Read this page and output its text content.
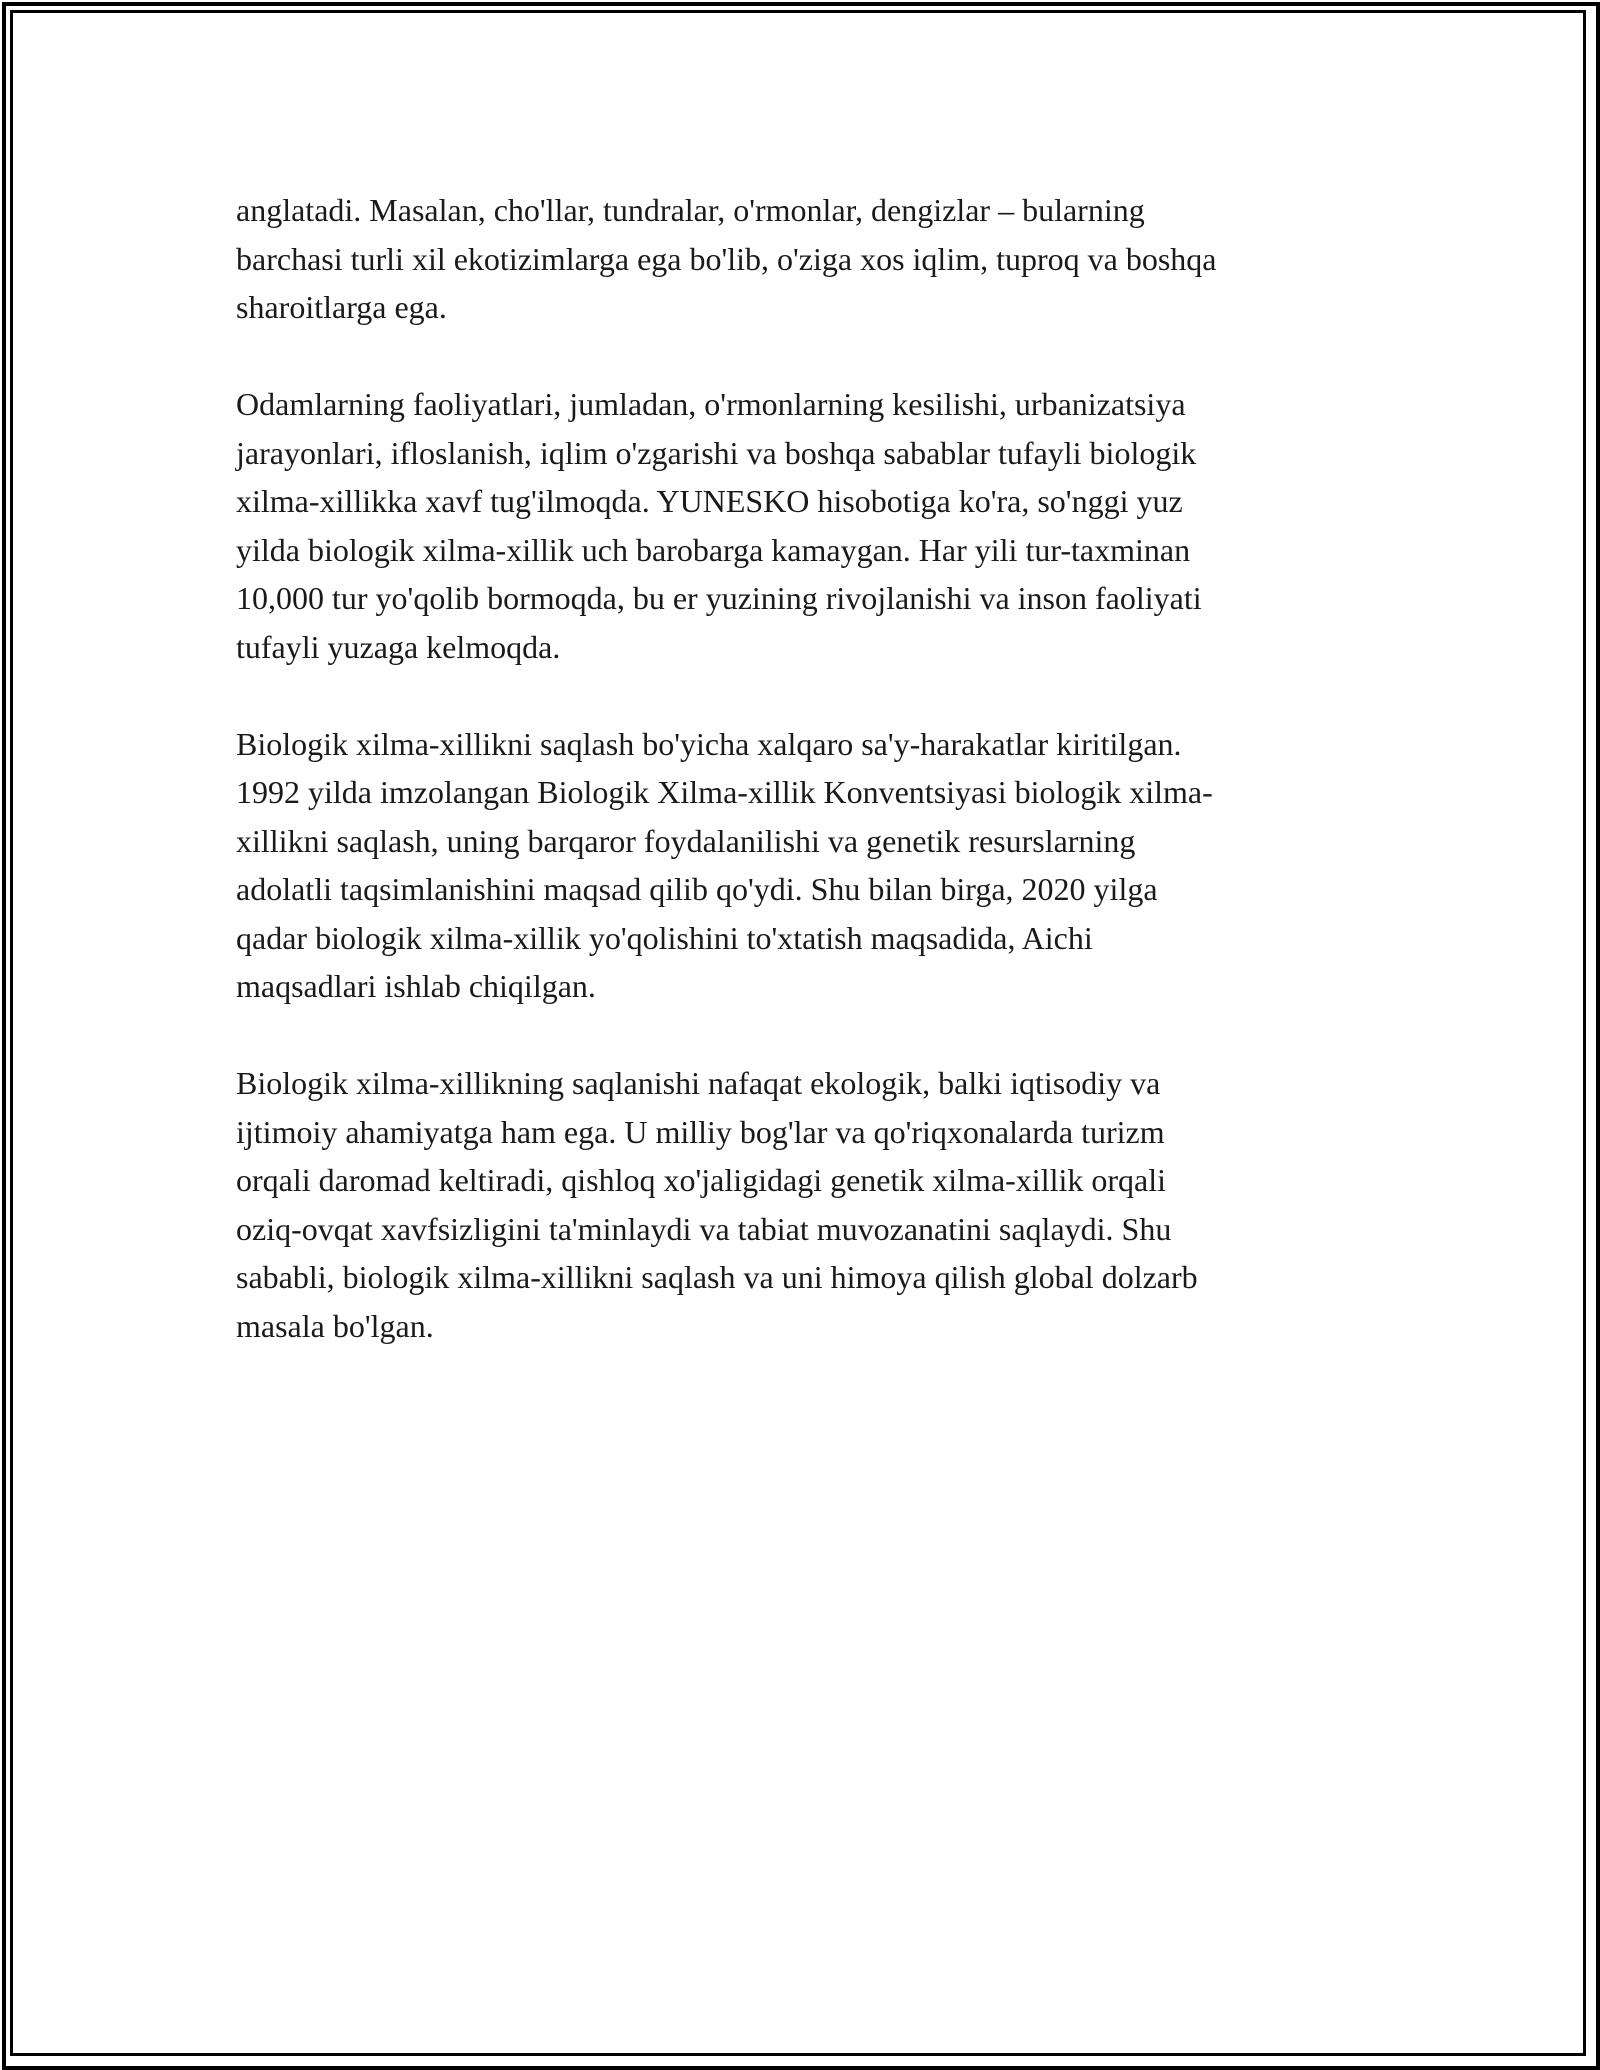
anglatadi. Masalan, cho'llar, tundralar, o'rmonlar, dengizlar – bularning
barchasi turli xil ekotizimlarga ega bo'lib, o'ziga xos iqlim, tuproq va boshqa
sharoitlarga ega.

Odamlarning faoliyatlari, jumladan, o'rmonlarning kesilishi, urbanizatsiya
jarayonlari, ifloslanish, iqlim o'zgarishi va boshqa sabablar tufayli biologik
xilma-xillikka xavf tug'ilmoqda. YUNESKO hisobotiga ko'ra, so'nggi yuz
yilda biologik xilma-xillik uch barobarga kamaygan. Har yili tur-taxminan
10,000 tur yo'qolib bormoqda, bu er yuzining rivojlanishi va inson faoliyati
tufayli yuzaga kelmoqda.

Biologik xilma-xillikni saqlash bo'yicha xalqaro sa'y-harakatlar kiritilgan.
1992 yilda imzolangan Biologik Xilma-xillik Konventsiyasi biologik xilma-
xillikni saqlash, uning barqaror foydalanilishi va genetik resurslarning
adolatli taqsimlanishini maqsad qilib qo'ydi. Shu bilan birga, 2020 yilga
qadar biologik xilma-xillik yo'qolishini to'xtatish maqsadida, Aichi
maqsadlari ishlab chiqilgan.

Biologik xilma-xillikning saqlanishi nafaqat ekologik, balki iqtisodiy va
ijtimoiy ahamiyatga ham ega. U milliy bog'lar va qo'riqxonalarda turizm
orqali daromad keltiradi, qishloq xo'jaligidagi genetik xilma-xillik orqali
oziq-ovqat xavfsizligini ta'minlaydi va tabiat muvozanatini saqlaydi. Shu
sababli, biologik xilma-xillikni saqlash va uni himoya qilish global dolzarb
masala bo'lgan.
